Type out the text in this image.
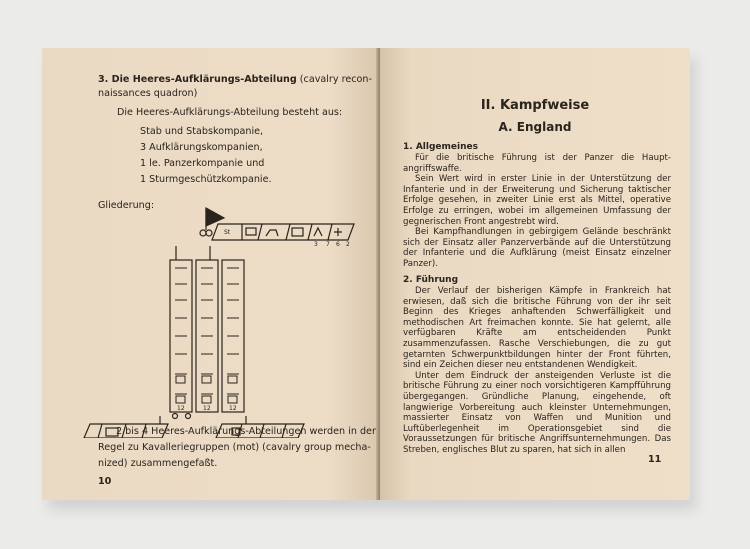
3. Die Heeres-Aufklärungs-Abteilung (cavalry recon-
naissances quadron)
Die Heeres-Aufklärungs-Abteilung besteht aus:
Stab und Stabskompanie,
3 Aufklärungskompanien,
1 le. Panzerkompanie und
1 Sturmgeschützkompanie.
Gliederung:
St
3 7 6 2
12	12	12
2 bis 4 Heeres-Aufklärungs-Abteilungen werden in der
Regel zu Kavalleriegruppen (mot) (cavalry group mecha-
nized) zusammengefaßt.
10
II. Kampfweise
A. England
1. Allgemeines

Für die britische Führung ist der Panzer die Haupt-angriffswaffe.

Sein Wert wird in erster Linie in der Unterstützung der Infanterie und in der Erweiterung und Sicherung taktischer Erfolge gesehen, in zweiter Linie erst als Mittel, operative Erfolge zu erringen, wobei im allgemeinen Umfassung der gegnerischen Front angestrebt wird.

Bei Kampfhandlungen in gebirgigem Gelände beschränkt sich der Einsatz aller Panzerverbände auf die Unterstützung der Infanterie und die Aufklärung (meist Einsatz einzelner Panzer).

2. Führung

Der Verlauf der bisherigen Kämpfe in Frankreich hat erwiesen, daß sich die britische Führung von der ihr seit Beginn des Krieges anhaftenden Schwerfälligkeit und methodischen Art freimachen konnte. Sie hat gelernt, alle verfügbaren Kräfte am entscheidenden Punkt zusammenzufassen. Rasche Verschiebungen, die zu gut getarnten Schwerpunktbildungen hinter der Front führten, sind ein Zeichen dieser neu entstandenen Wendigkeit.

Unter dem Eindruck der ansteigenden Verluste ist die britische Führung zu einer noch vorsichtigeren Kampfführung übergegangen. Gründliche Planung, eingehende, oft langwierige Vorbereitung auch kleinster Unternehmungen, massierter Einsatz von Waffen und Munition und Luftüberlegenheit im Operationsgebiet sind die Voraussetzungen für britische Angriffsunternehmungen. Das Streben, englisches Blut zu sparen, hat sich in allen

11
